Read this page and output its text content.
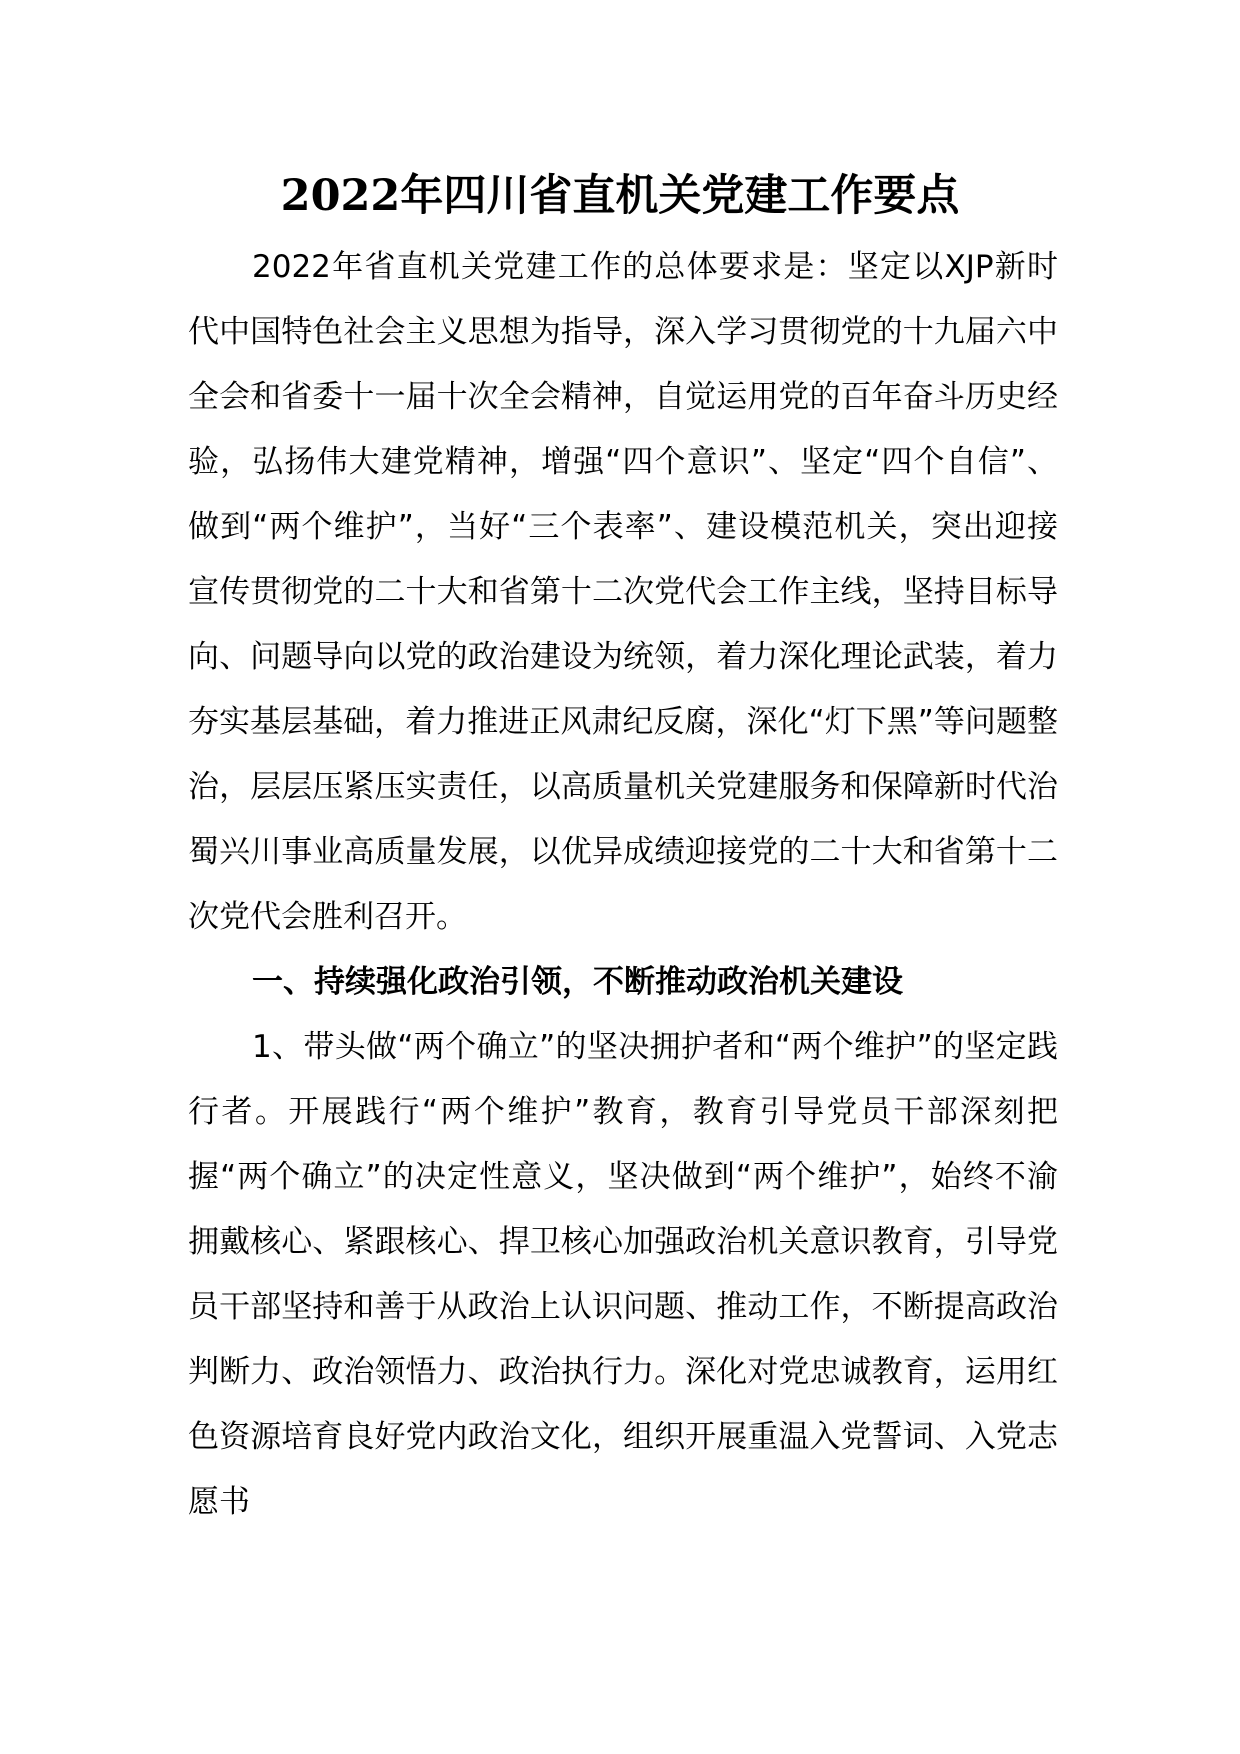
2022年四川省直机关党建工作要点

2022年省直机关党建工作的总体要求是：坚定以XJP新时代中国特色社会主义思想为指导，深入学习贯彻党的十九届六中全会和省委十一届十次全会精神，自觉运用党的百年奋斗历史经验，弘扬伟大建党精神，增强“四个意识”、坚定“四个自信”、做到“两个维护”，当好“三个表率”、建设模范机关，突出迎接宣传贯彻党的二十大和省第十二次党代会工作主线，坚持目标导向、问题导向以党的政治建设为统领，着力深化理论武装，着力夯实基层基础，着力推进正风肃纪反腐，深化“灯下黑”等问题整治，层层压紧压实责任，以高质量机关党建服务和保障新时代治蜀兴川事业高质量发展，以优异成绩迎接党的二十大和省第十二次党代会胜利召开。

一、持续强化政治引领，不断推动政治机关建设

1、带头做“两个确立”的坚决拥护者和“两个维护”的坚定践行者。开展践行“两个维护”教育，教育引导党员干部深刻把握“两个确立”的决定性意义，坚决做到“两个维护”，始终不渝拥戴核心、紧跟核心、捍卫核心加强政治机关意识教育，引导党员干部坚持和善于从政治上认识问题、推动工作，不断提高政治判断力、政治领悟力、政治执行力。深化对党忠诚教育，运用红色资源培育良好党内政治文化，组织开展重温入党誓词、入党志愿书
